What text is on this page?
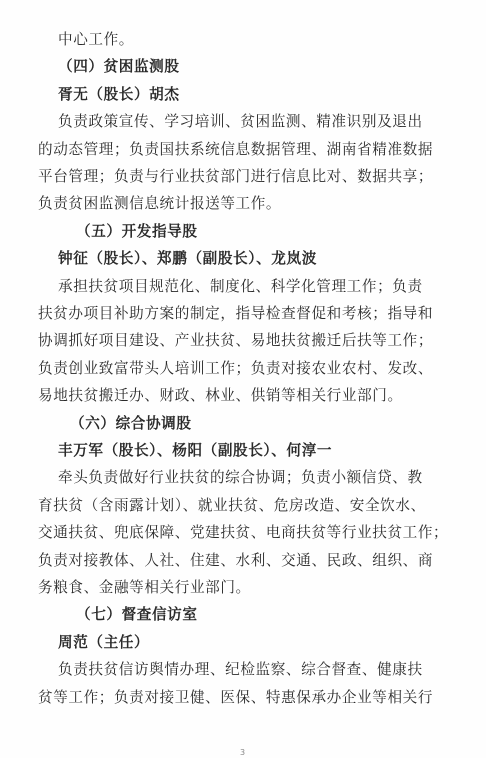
中心工作。
（四）贫困监测股
胥无（股长）胡杰
负责政策宣传、学习培训、贫困监测、精准识别及退出
的动态管理；负责国扶系统信息数据管理、湖南省精准数据
平台管理；负责与行业扶贫部门进行信息比对、数据共享；
负责贫困监测信息统计报送等工作。
（五）开发指导股
钟征（股长）、郑鹏（副股长）、龙岚波
承担扶贫项目规范化、制度化、科学化管理工作；负责
扶贫办项目补助方案的制定，指导检查督促和考核；指导和
协调抓好项目建设、产业扶贫、易地扶贫搬迁后扶等工作；
负责创业致富带头人培训工作；负责对接农业农村、发改、
易地扶贫搬迁办、财政、林业、供销等相关行业部门。
（六）综合协调股
丰万军（股长）、杨阳（副股长）、何淳一
牵头负责做好行业扶贫的综合协调；负责小额信贷、教
育扶贫（含雨露计划）、就业扶贫、危房改造、安全饮水、
交通扶贫、兜底保障、党建扶贫、电商扶贫等行业扶贫工作；
负责对接教体、人社、住建、水利、交通、民政、组织、商
务粮食、金融等相关行业部门。
（七）督查信访室
周范（主任）
3
负责扶贫信访舆情办理、纪检监察、综合督查、健康扶
贫等工作；负责对接卫健、医保、特惠保承办企业等相关行
